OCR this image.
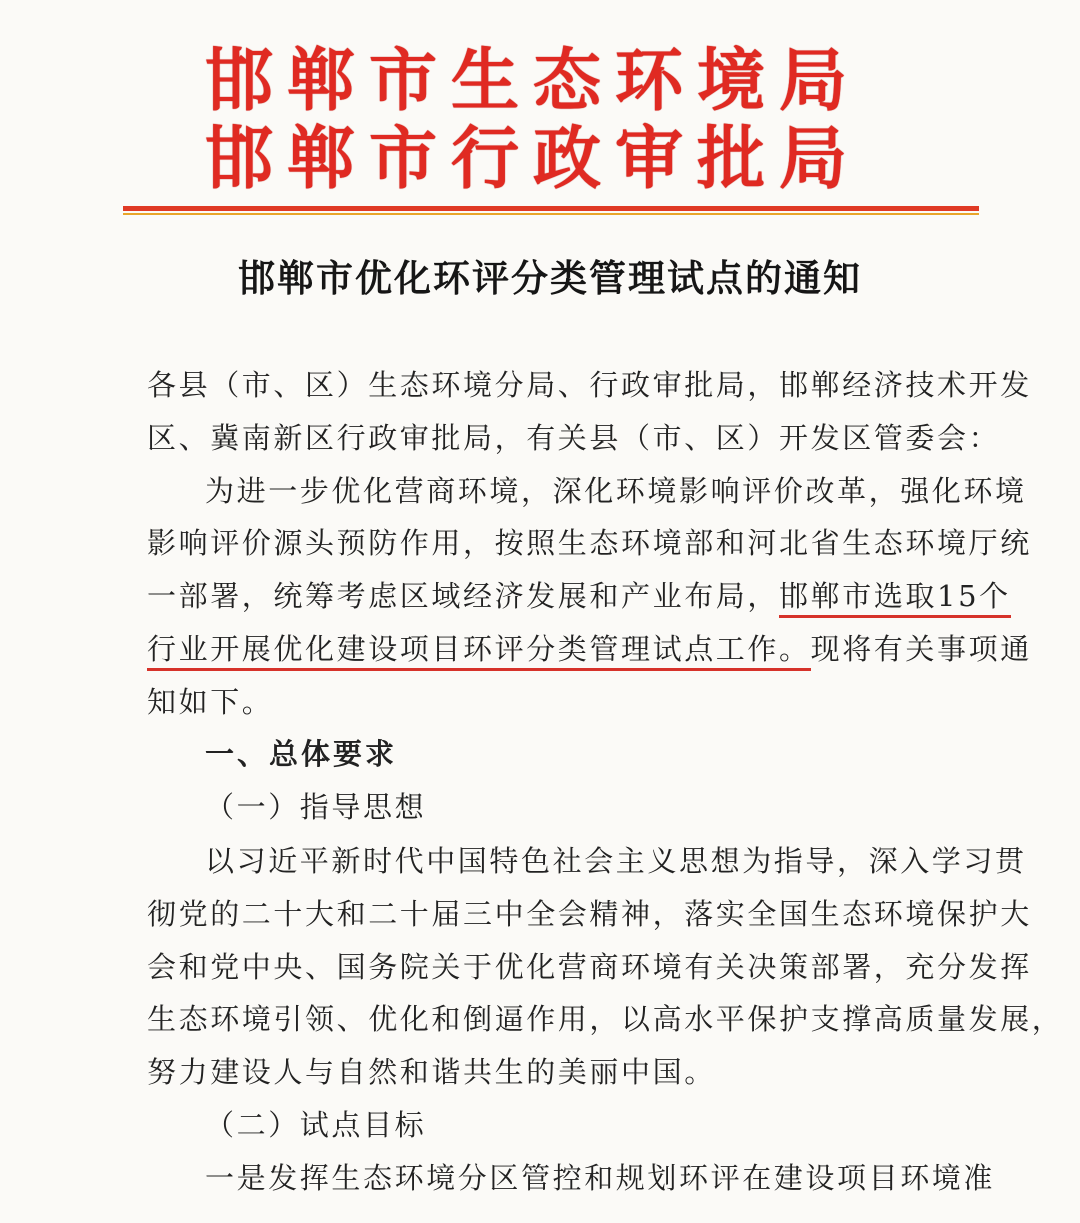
邯郸市生态环境局
邯郸市行政审批局
邯郸市优化环评分类管理试点的通知
各县（市、区）生态环境分局、行政审批局，邯郸经济技术开发
区、冀南新区行政审批局，有关县（市、区）开发区管委会：
为进一步优化营商环境，深化环境影响评价改革，强化环境
影响评价源头预防作用，按照生态环境部和河北省生态环境厅统
一部署，统筹考虑区域经济发展和产业布局，邯郸市选取15个
行业开展优化建设项目环评分类管理试点工作。现将有关事项通
知如下。
一、总体要求
（一）指导思想
以习近平新时代中国特色社会主义思想为指导，深入学习贯
彻党的二十大和二十届三中全会精神，落实全国生态环境保护大
会和党中央、国务院关于优化营商环境有关决策部署，充分发挥
生态环境引领、优化和倒逼作用，以高水平保护支撑高质量发展，
努力建设人与自然和谐共生的美丽中国。
（二）试点目标
一是发挥生态环境分区管控和规划环评在建设项目环境准
